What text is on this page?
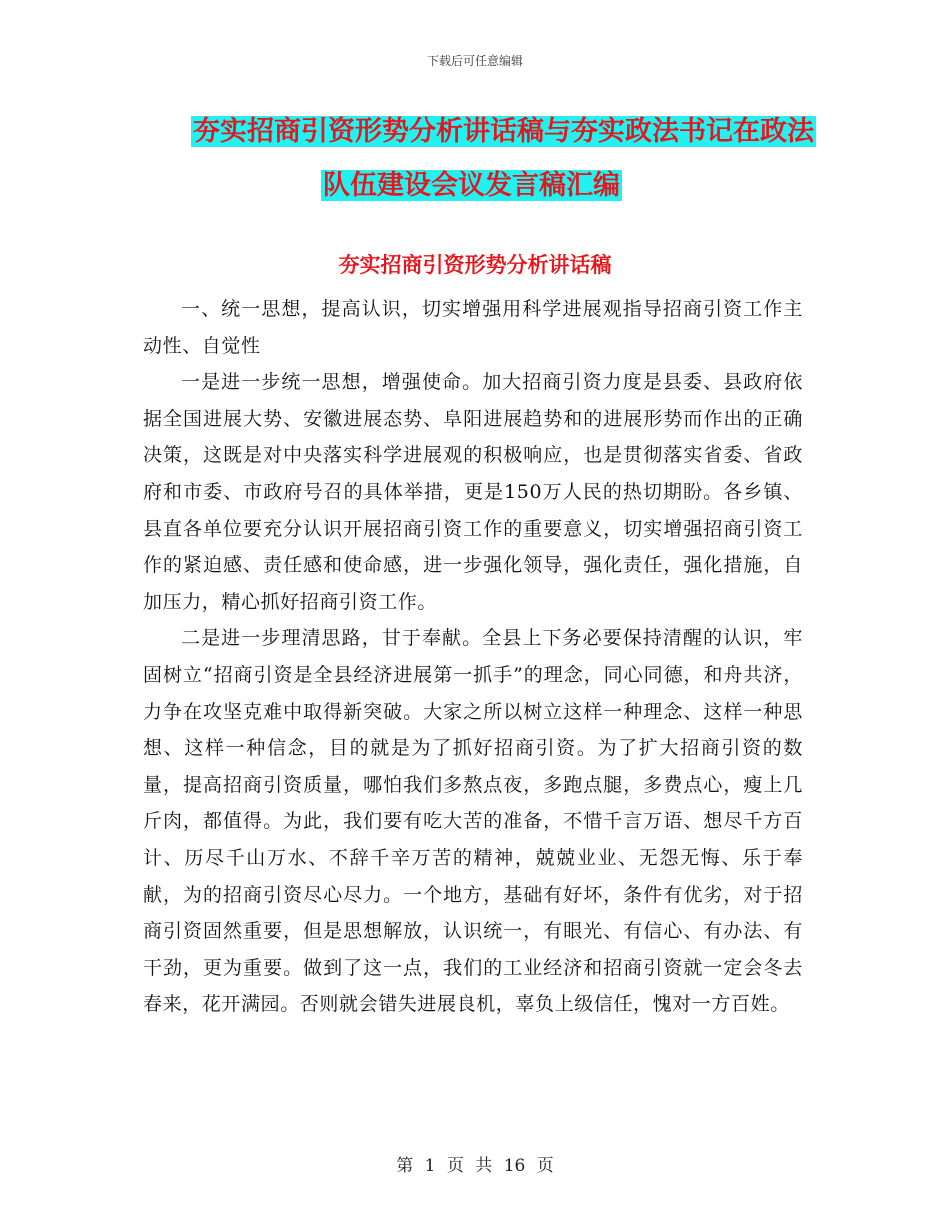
下载后可任意编辑
夯实招商引资形势分析讲话稿与夯实政法书记在政法
队伍建设会议发言稿汇编
夯实招商引资形势分析讲话稿

一、统一思想，提高认识，切实增强用科学进展观指导招商引资工作主动性、自觉性

一是进一步统一思想，增强使命。加大招商引资力度是县委、县政府依据全国进展大势、安徽进展态势、阜阳进展趋势和的进展形势而作出的正确决策，这既是对中央落实科学进展观的积极响应，也是贯彻落实省委、省政府和市委、市政府号召的具体举措，更是150万人民的热切期盼。各乡镇、县直各单位要充分认识开展招商引资工作的重要意义，切实增强招商引资工作的紧迫感、责任感和使命感，进一步强化领导，强化责任，强化措施，自加压力，精心抓好招商引资工作。

二是进一步理清思路，甘于奉献。全县上下务必要保持清醒的认识，牢固树立“招商引资是全县经济进展第一抓手”的理念，同心同德，和舟共济，力争在攻坚克难中取得新突破。大家之所以树立这样一种理念、这样一种思想、这样一种信念，目的就是为了抓好招商引资。为了扩大招商引资的数量，提高招商引资质量，哪怕我们多熬点夜，多跑点腿，多费点心，瘦上几斤肉，都值得。为此，我们要有吃大苦的准备，不惜千言万语、想尽千方百计、历尽千山万水、不辞千辛万苦的精神，兢兢业业、无怨无悔、乐于奉献，为的招商引资尽心尽力。一个地方，基础有好坏，条件有优劣，对于招商引资固然重要，但是思想解放，认识统一，有眼光、有信心、有办法、有干劲，更为重要。做到了这一点，我们的工业经济和招商引资就一定会冬去春来，花开满园。否则就会错失进展良机，辜负上级信任，愧对一方百姓。

第 1 页 共 16 页
